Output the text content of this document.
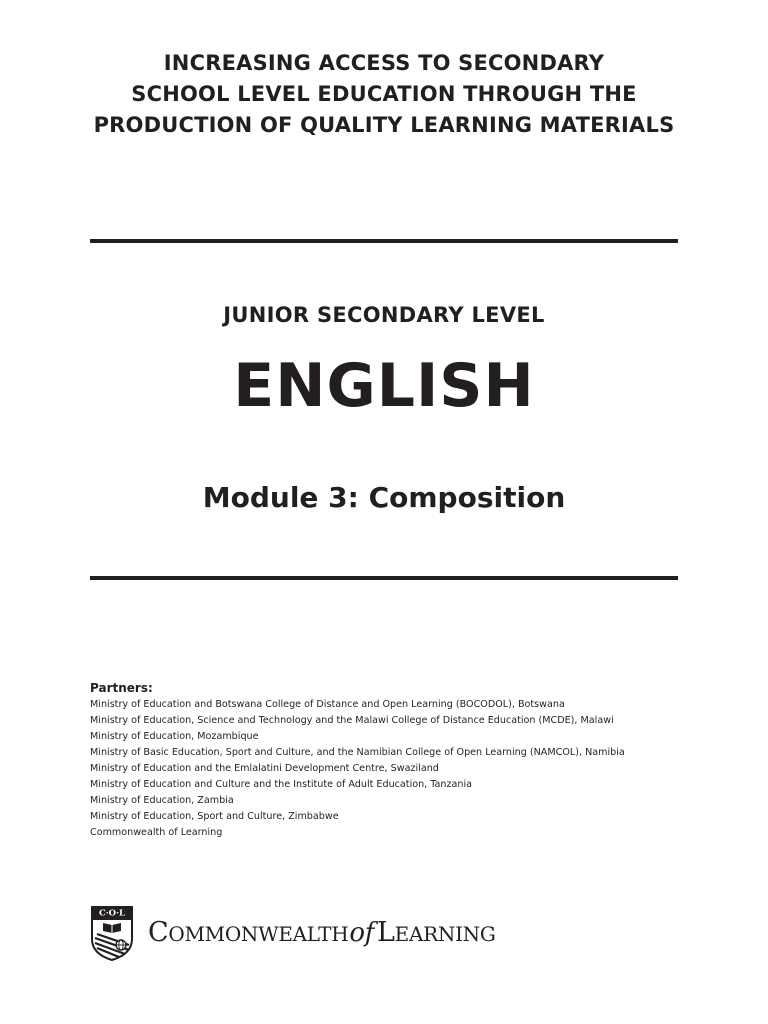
INCREASING ACCESS TO SECONDARY
SCHOOL LEVEL EDUCATION THROUGH THE
PRODUCTION OF QUALITY LEARNING MATERIALS
JUNIOR SECONDARY LEVEL
ENGLISH
Module 3: Composition
Partners:
Ministry of Education and Botswana College of Distance and Open Learning (BOCODOL), Botswana
Ministry of Education, Science and Technology and the Malawi College of Distance Education (MCDE), Malawi
Ministry of Education, Mozambique
Ministry of Basic Education, Sport and Culture, and the Namibian College of Open Learning (NAMCOL), Namibia
Ministry of Education and the Emlalatini Development Centre, Swaziland
Ministry of Education and Culture and the Institute of Adult Education, Tanzania
Ministry of Education, Zambia
Ministry of Education, Sport and Culture, Zimbabwe
Commonwealth of Learning
C·O·L
COMMONWEALTHof LEARNING
